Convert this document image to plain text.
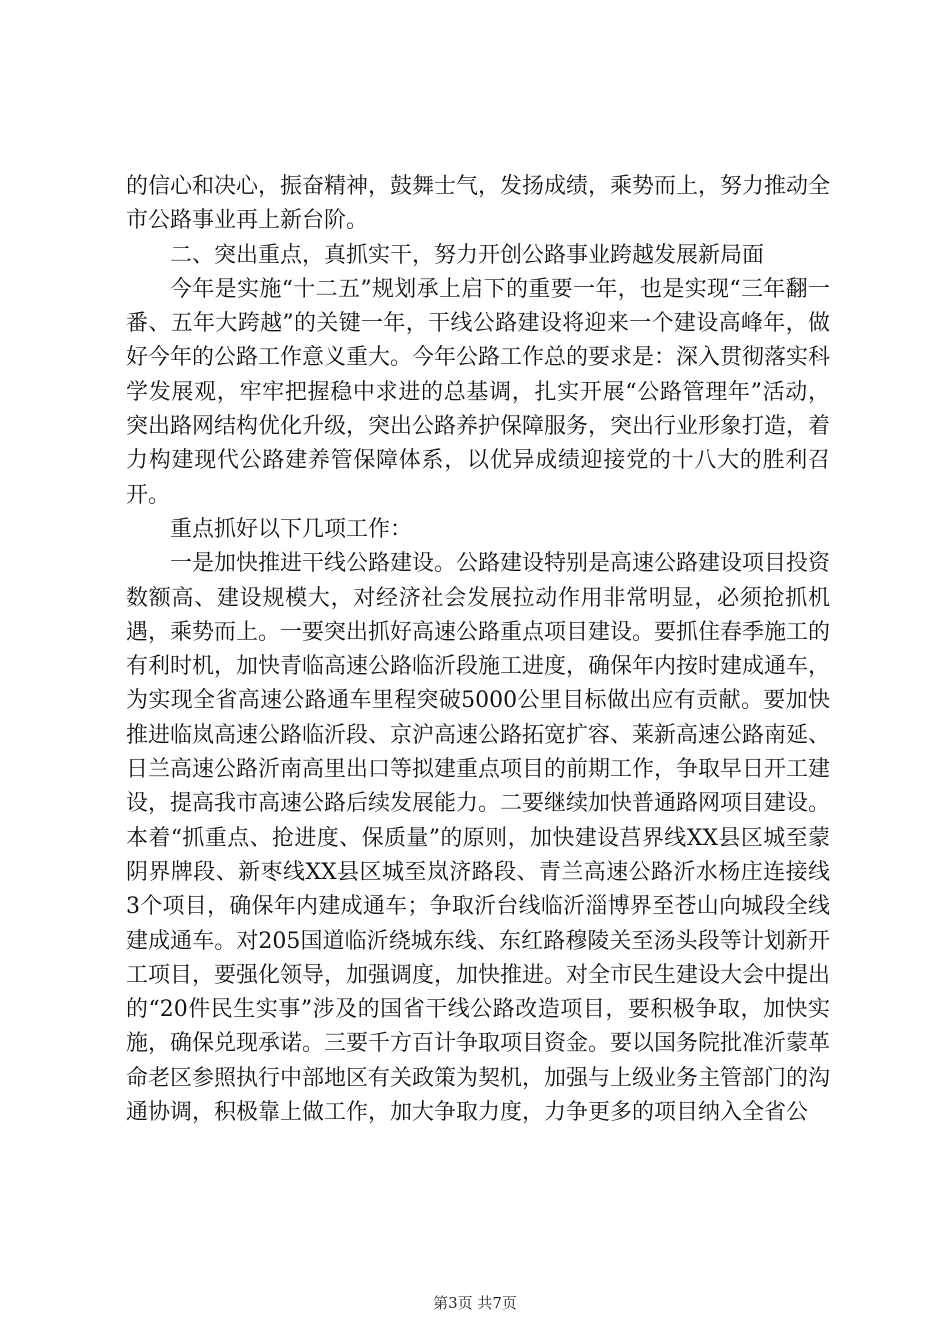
的信心和决心，振奋精神，鼓舞士气，发扬成绩，乘势而上，努力推动全市公路事业再上新台阶。

二、突出重点，真抓实干，努力开创公路事业跨越发展新局面

今年是实施“十二五”规划承上启下的重要一年，也是实现“三年翻一番、五年大跨越”的关键一年，干线公路建设将迎来一个建设高峰年，做好今年的公路工作意义重大。今年公路工作总的要求是：深入贯彻落实科学发展观，牢牢把握稳中求进的总基调，扎实开展“公路管理年”活动，突出路网结构优化升级，突出公路养护保障服务，突出行业形象打造，着力构建现代公路建养管保障体系，以优异成绩迎接党的十八大的胜利召开。

重点抓好以下几项工作：

一是加快推进干线公路建设。公路建设特别是高速公路建设项目投资数额高、建设规模大，对经济社会发展拉动作用非常明显，必须抢抓机遇，乘势而上。一要突出抓好高速公路重点项目建设。要抓住春季施工的有利时机，加快青临高速公路临沂段施工进度，确保年内按时建成通车，为实现全省高速公路通车里程突破5000公里目标做出应有贡献。要加快推进临岚高速公路临沂段、京沪高速公路拓宽扩容、莱新高速公路南延、日兰高速公路沂南高里出口等拟建重点项目的前期工作，争取早日开工建设，提高我市高速公路后续发展能力。二要继续加快普通路网项目建设。本着“抓重点、抢进度、保质量”的原则，加快建设莒界线XX县区城至蒙阴界牌段、新枣线XX县区城至岚济路段、青兰高速公路沂水杨庄连接线3个项目，确保年内建成通车；争取沂台线临沂淄博界至苍山向城段全线建成通车。对205国道临沂绕城东线、东红路穆陵关至汤头段等计划新开工项目，要强化领导，加强调度，加快推进。对全市民生建设大会中提出的“20件民生实事”涉及的国省干线公路改造项目，要积极争取，加快实施，确保兑现承诺。三要千方百计争取项目资金。要以国务院批准沂蒙革命老区参照执行中部地区有关政策为契机，加强与上级业务主管部门的沟通协调，积极靠上做工作，加大争取力度，力争更多的项目纳入全省公

第3页 共7页
